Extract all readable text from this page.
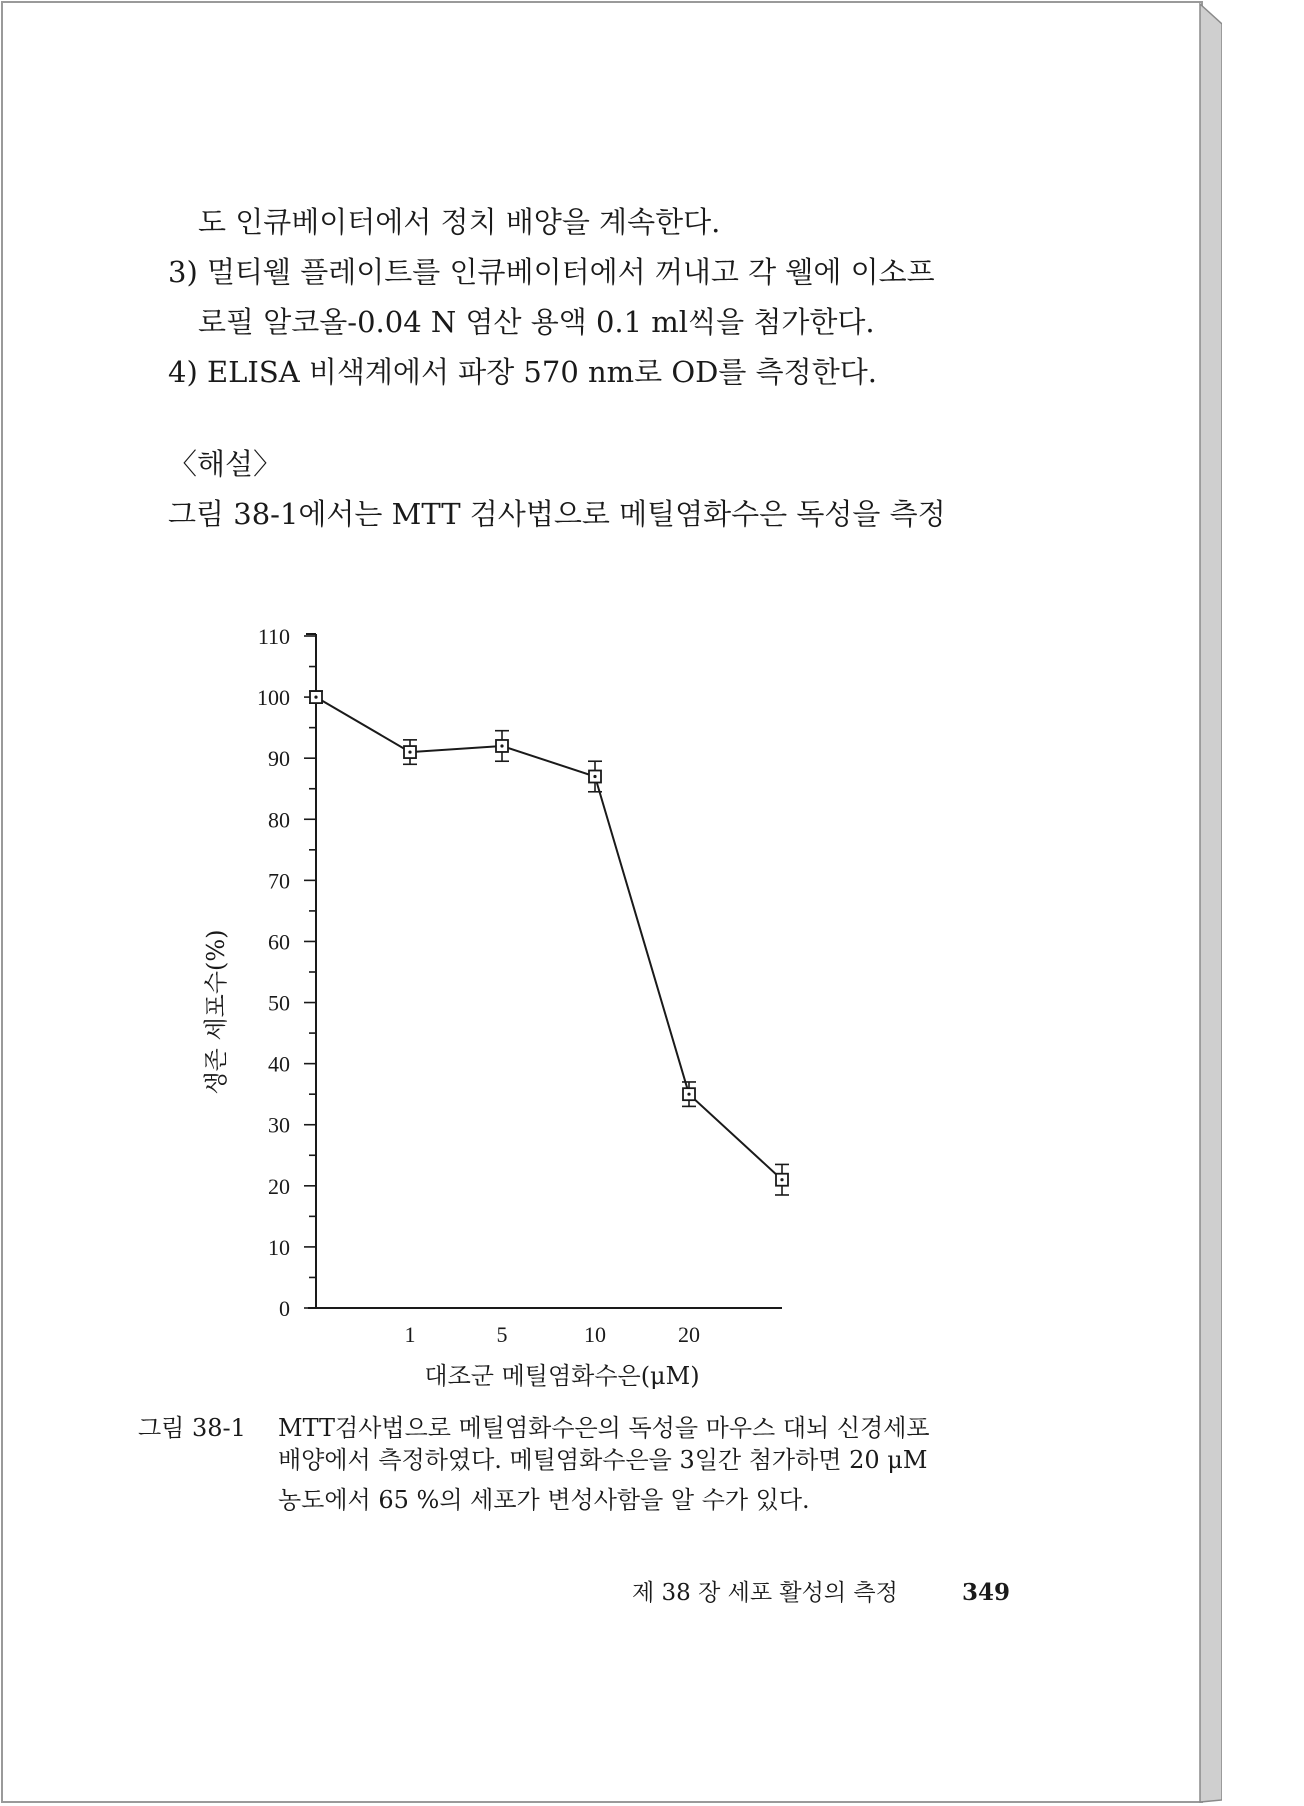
도 인큐베이터에서 정치 배양을 계속한다.
3) 멀티웰 플레이트를 인큐베이터에서 꺼내고 각 웰에 이소프
로필 알코올-0.04 N 염산 용액 0.1 ml씩을 첨가한다.
4) ELISA 비색계에서 파장 570 nm로 OD를 측정한다.
〈해설〉
그림 38-1에서는 MTT 검사법으로 메틸염화수은 독성을 측정
생존 세포수(%)
0
10
20
30
40
50
60
70
80
90
100
110
1	5	10	20
대조군 메틸염화수은(μM)
그림 38-1 MTT검사법으로 메틸염화수은의 독성을 마우스 대뇌 신경세포
배양에서 측정하였다. 메틸염화수은을 3일간 첨가하면 20 μM
농도에서 65 %의 세포가 변성사함을 알 수가 있다.
제 38 장 세포 활성의 측정	349
